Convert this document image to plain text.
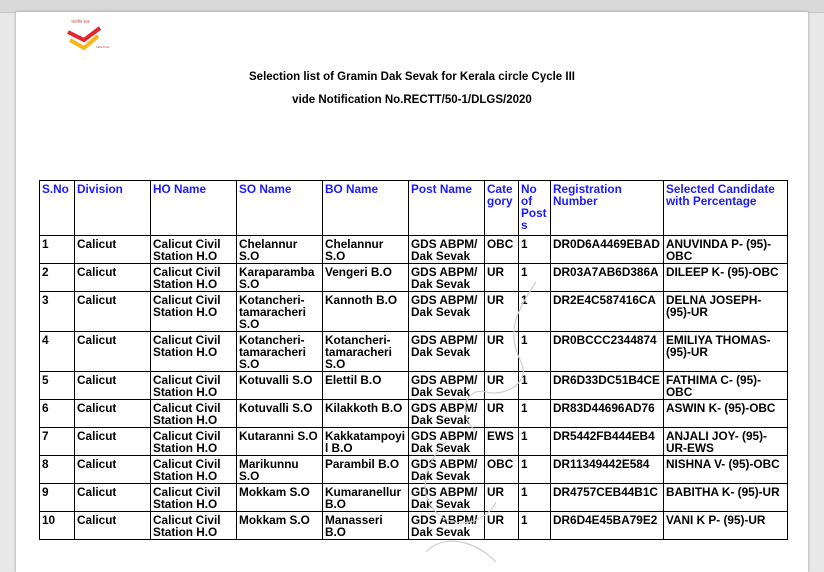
भारतीय डाक
India Post
Selection list of Gramin Dak Sevak for Kerala circle Cycle III
vide Notification No.RECTT/50-1/DLGS/2020
S.No	Division	HO Name	SO Name	BO Name	Post Name	Category	No of Posts	Registration Number	Selected Candidate with Percentage
1	Calicut	Calicut Civil Station H.O	Chelannur S.O	Chelannur S.O	GDS ABPM/ Dak Sevak	OBC	1	DR0D6A4469EBAD	ANUVINDA P- (95)-OBC
2	Calicut	Calicut Civil Station H.O	Karaparamba S.O	Vengeri B.O	GDS ABPM/ Dak Sevak	UR	1	DR03A7AB6D386A	DILEEP K- (95)-OBC
3	Calicut	Calicut Civil Station H.O	Kotancheri-tamaracheri S.O	Kannoth B.O	GDS ABPM/ Dak Sevak	UR	1	DR2E4C587416CA	DELNA JOSEPH-(95)-UR
4	Calicut	Calicut Civil Station H.O	Kotancheri-tamaracheri S.O	Kotancheri-tamaracheri S.O	GDS ABPM/ Dak Sevak	UR	1	DR0BCCC2344874	EMILIYA THOMAS-(95)-UR
5	Calicut	Calicut Civil Station H.O	Kotuvalli S.O	Elettil B.O	GDS ABPM/ Dak Sevak	UR	1	DR6D33DC51B4CE	FATHIMA C- (95)-OBC
6	Calicut	Calicut Civil Station H.O	Kotuvalli S.O	Kilakkoth B.O	GDS ABPM/ Dak Sevak	UR	1	DR83D44696AD76	ASWIN K- (95)-OBC
7	Calicut	Calicut Civil Station H.O	Kutaranni S.O	Kakkatampoyil B.O	GDS ABPM/ Dak Sevak	EWS	1	DR5442FB444EB4	ANJALI JOY- (95)-UR-EWS
8	Calicut	Calicut Civil Station H.O	Marikunnu S.O	Parambil B.O	GDS ABPM/ Dak Sevak	OBC	1	DR11349442E584	NISHNA V- (95)-OBC
9	Calicut	Calicut Civil Station H.O	Mokkam S.O	Kumaranellur B.O	GDS ABPM/ Dak Sevak	UR	1	DR4757CEB44B1C	BABITHA K- (95)-UR
10	Calicut	Calicut Civil Station H.O	Mokkam S.O	Manasseri B.O	GDS ABPM/ Dak Sevak	UR	1	DR6D4E45BA79E2	VANI K P- (95)-UR
